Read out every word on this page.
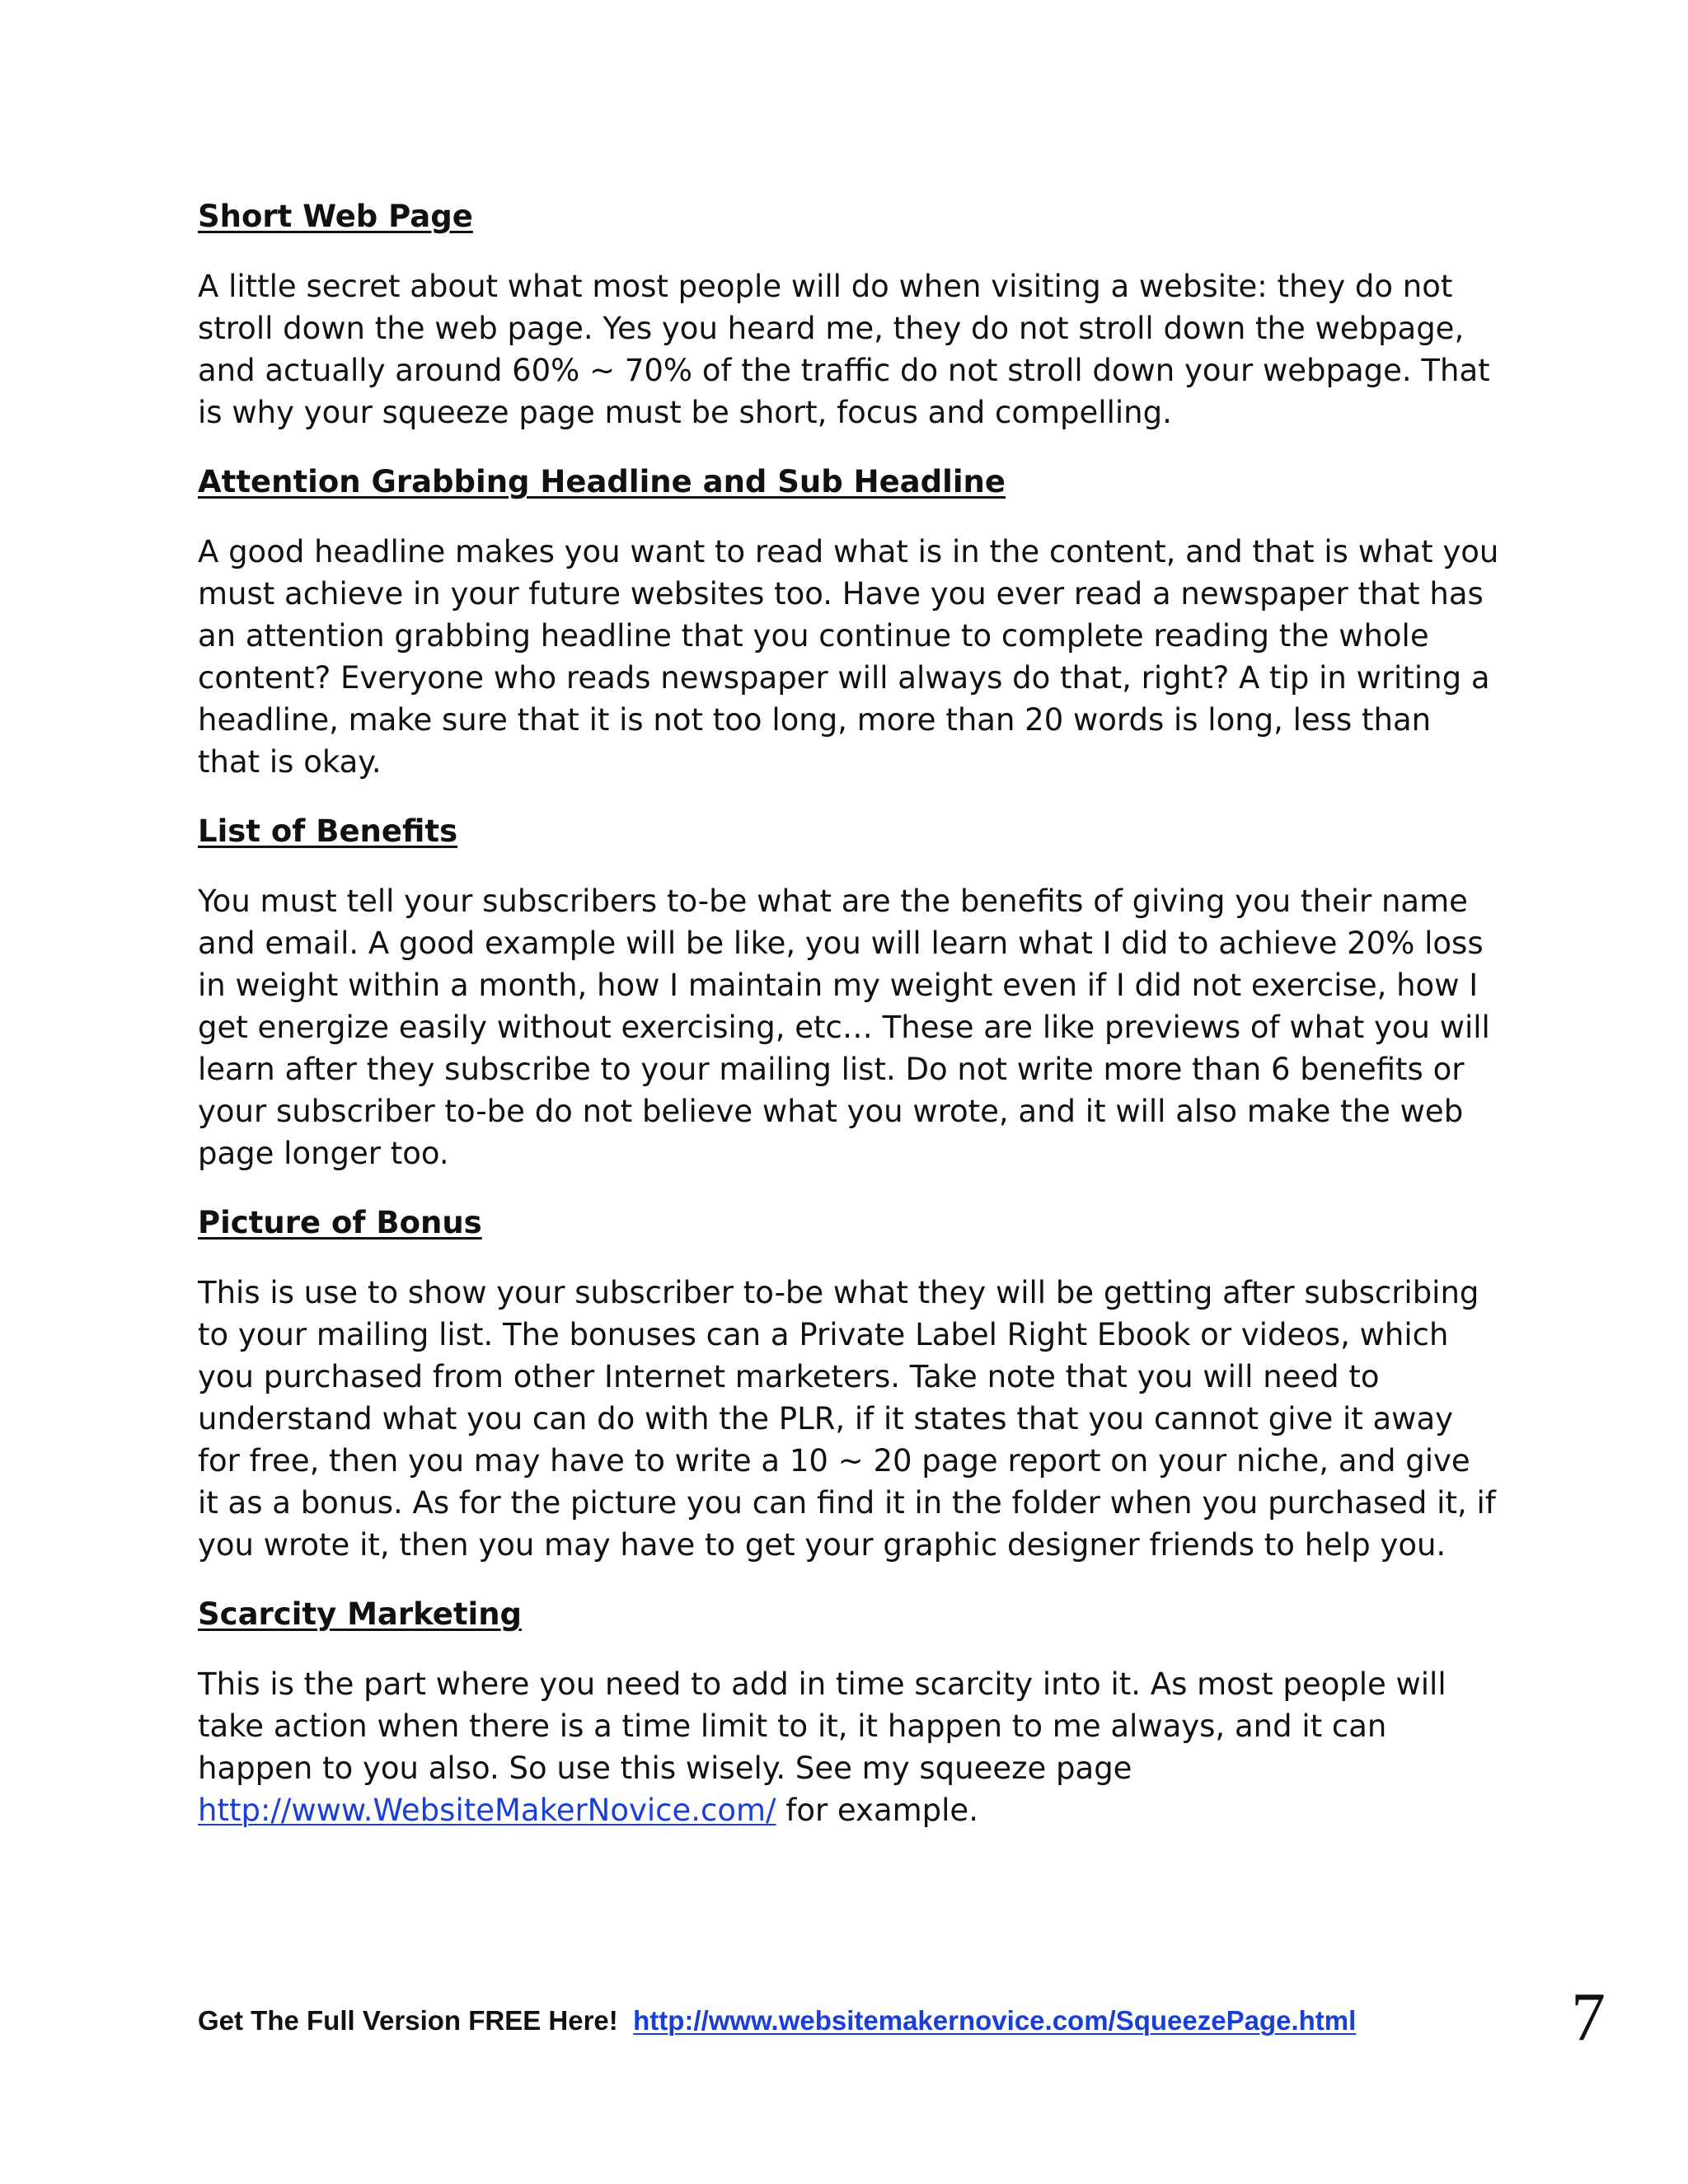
Short Web Page

A little secret about what most people will do when visiting a website: they do not stroll down the web page. Yes you heard me, they do not stroll down the webpage, and actually around 60% ~ 70% of the traffic do not stroll down your webpage. That is why your squeeze page must be short, focus and compelling.

Attention Grabbing Headline and Sub Headline

A good headline makes you want to read what is in the content, and that is what you must achieve in your future websites too. Have you ever read a newspaper that has an attention grabbing headline that you continue to complete reading the whole content? Everyone who reads newspaper will always do that, right? A tip in writing a headline, make sure that it is not too long, more than 20 words is long, less than that is okay.

List of Benefits

You must tell your subscribers to-be what are the benefits of giving you their name and email. A good example will be like, you will learn what I did to achieve 20% loss in weight within a month, how I maintain my weight even if I did not exercise, how I get energize easily without exercising, etc… These are like previews of what you will learn after they subscribe to your mailing list. Do not write more than 6 benefits or your subscriber to-be do not believe what you wrote, and it will also make the web page longer too.

Picture of Bonus

This is use to show your subscriber to-be what they will be getting after subscribing to your mailing list. The bonuses can a Private Label Right Ebook or videos, which you purchased from other Internet marketers. Take note that you will need to understand what you can do with the PLR, if it states that you cannot give it away for free, then you may have to write a 10 ~ 20 page report on your niche, and give it as a bonus. As for the picture you can find it in the folder when you purchased it, if you wrote it, then you may have to get your graphic designer friends to help you.

Scarcity Marketing

This is the part where you need to add in time scarcity into it. As most people will take action when there is a time limit to it, it happen to me always, and it can happen to you also. So use this wisely. See my squeeze page
http://www.WebsiteMakerNovice.com/ for example.

Get The Full Version FREE Here! http://www.websitemakernovice.com/SqueezePage.html	7
